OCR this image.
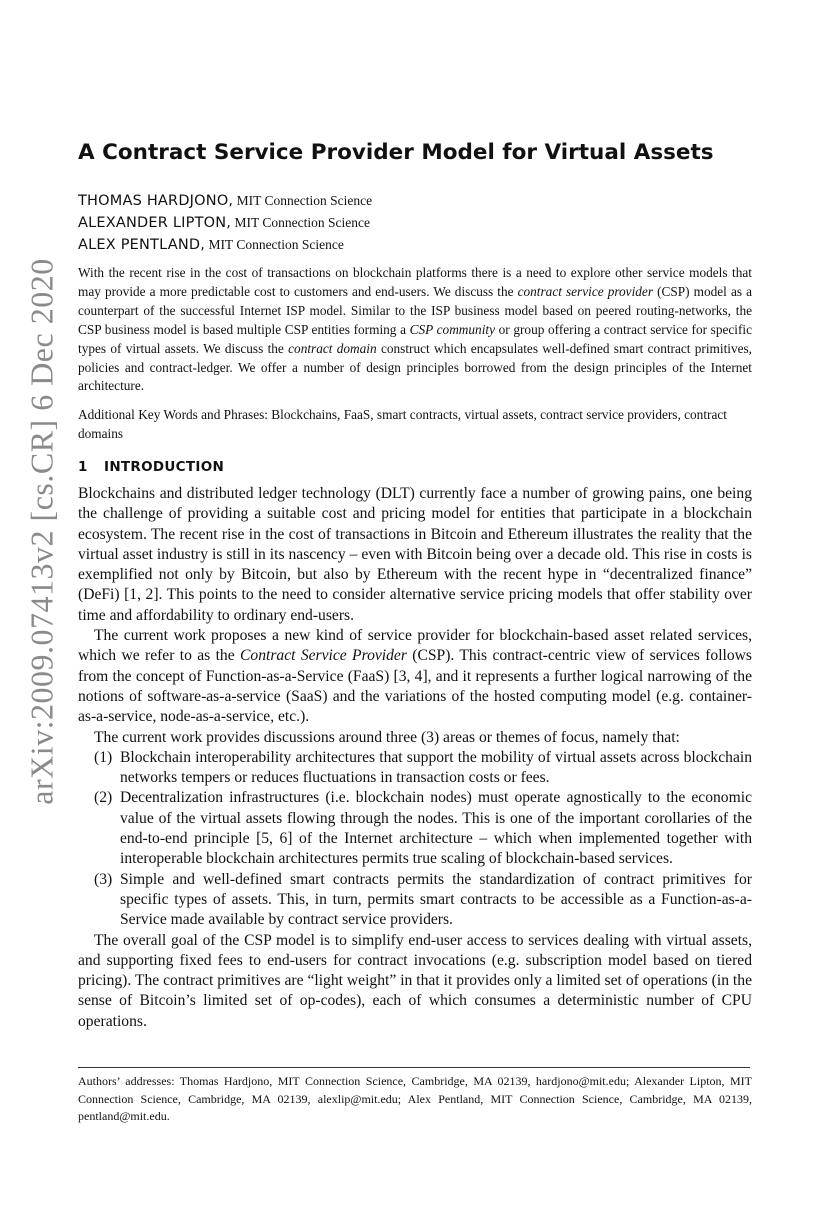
arXiv:2009.07413v2 [cs.CR] 6 Dec 2020
A Contract Service Provider Model for Virtual Assets
THOMAS HARDJONO, MIT Connection Science
ALEXANDER LIPTON, MIT Connection Science
ALEX PENTLAND, MIT Connection Science

With the recent rise in the cost of transactions on blockchain platforms there is a need to explore other service models that may provide a more predictable cost to customers and end-users. We discuss the contract service provider (CSP) model as a counterpart of the successful Internet ISP model. Similar to the ISP business model based on peered routing-networks, the CSP business model is based multiple CSP entities forming a CSP community or group offering a contract service for specific types of virtual assets. We discuss the contract domain construct which encapsulates well-defined smart contract primitives, policies and contract-ledger. We offer a number of design principles borrowed from the design principles of the Internet architecture.

Additional Key Words and Phrases: Blockchains, FaaS, smart contracts, virtual assets, contract service providers, contract domains

1 INTRODUCTION

Blockchains and distributed ledger technology (DLT) currently face a number of growing pains, one being the challenge of providing a suitable cost and pricing model for entities that participate in a blockchain ecosystem. The recent rise in the cost of transactions in Bitcoin and Ethereum illustrates the reality that the virtual asset industry is still in its nascency – even with Bitcoin being over a decade old. This rise in costs is exemplified not only by Bitcoin, but also by Ethereum with the recent hype in “decentralized finance” (DeFi) [1, 2]. This points to the need to consider alternative service pricing models that offer stability over time and affordability to ordinary end-users.

The current work proposes a new kind of service provider for blockchain-based asset related services, which we refer to as the Contract Service Provider (CSP). This contract-centric view of services follows from the concept of Function-as-a-Service (FaaS) [3, 4], and it represents a further logical narrowing of the notions of software-as-a-service (SaaS) and the variations of the hosted computing model (e.g. container-as-a-service, node-as-a-service, etc.).

The current work provides discussions around three (3) areas or themes of focus, namely that:

(1) Blockchain interoperability architectures that support the mobility of virtual assets across blockchain networks tempers or reduces fluctuations in transaction costs or fees.
(2) Decentralization infrastructures (i.e. blockchain nodes) must operate agnostically to the economic value of the virtual assets flowing through the nodes. This is one of the important corollaries of the end-to-end principle [5, 6] of the Internet architecture – which when implemented together with interoperable blockchain architectures permits true scaling of blockchain-based services.
(3) Simple and well-defined smart contracts permits the standardization of contract primitives for specific types of assets. This, in turn, permits smart contracts to be accessible as a Function-as-a-Service made available by contract service providers.

The overall goal of the CSP model is to simplify end-user access to services dealing with virtual assets, and supporting fixed fees to end-users for contract invocations (e.g. subscription model based on tiered pricing). The contract primitives are “light weight” in that it provides only a limited set of operations (in the sense of Bitcoin’s limited set of op-codes), each of which consumes a deterministic number of CPU operations.

Authors’ addresses: Thomas Hardjono, MIT Connection Science, Cambridge, MA 02139, hardjono@mit.edu; Alexander Lipton, MIT Connection Science, Cambridge, MA 02139, alexlip@mit.edu; Alex Pentland, MIT Connection Science, Cambridge, MA 02139, pentland@mit.edu.
